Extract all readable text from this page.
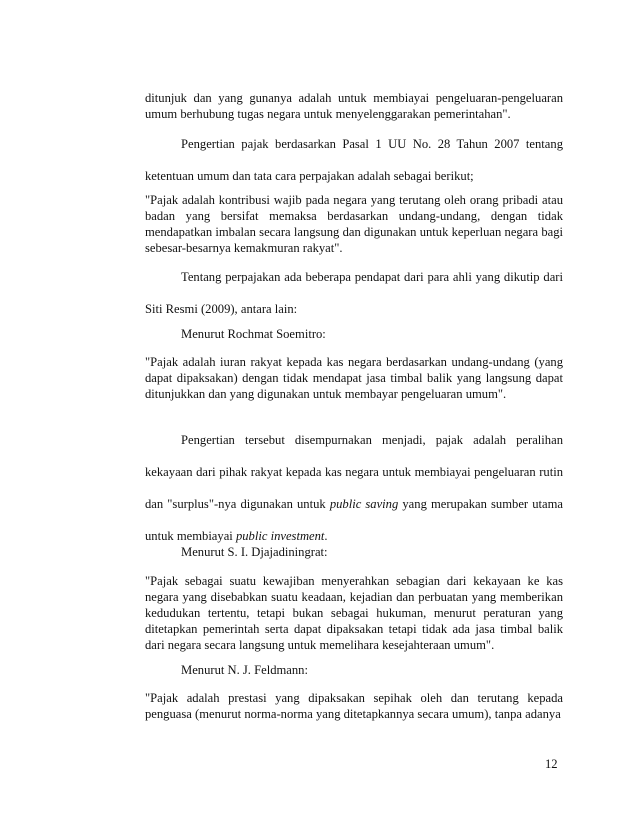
ditunjuk dan yang gunanya adalah untuk membiayai pengeluaran-pengeluaran umum berhubung tugas negara untuk menyelenggarakan pemerintahan".

Pengertian pajak berdasarkan Pasal 1 UU No. 28 Tahun 2007 tentang ketentuan umum dan tata cara perpajakan adalah sebagai berikut;

"Pajak adalah kontribusi wajib pada negara yang terutang oleh orang pribadi atau badan yang bersifat memaksa berdasarkan undang-undang, dengan tidak mendapatkan imbalan secara langsung dan digunakan untuk keperluan negara bagi sebesar-besarnya kemakmuran rakyat".

Tentang perpajakan ada beberapa pendapat dari para ahli yang dikutip dari Siti Resmi (2009), antara lain:

Menurut Rochmat Soemitro:

"Pajak adalah iuran rakyat kepada kas negara berdasarkan undang-undang (yang dapat dipaksakan) dengan tidak mendapat jasa timbal balik yang langsung dapat ditunjukkan dan yang digunakan untuk membayar pengeluaran umum".

Pengertian tersebut disempurnakan menjadi, pajak adalah peralihan kekayaan dari pihak rakyat kepada kas negara untuk membiayai pengeluaran rutin dan "surplus"-nya digunakan untuk public saving yang merupakan sumber utama untuk membiayai public investment.

Menurut S. I. Djajadiningrat:

"Pajak sebagai suatu kewajiban menyerahkan sebagian dari kekayaan ke kas negara yang disebabkan suatu keadaan, kejadian dan perbuatan yang memberikan kedudukan tertentu, tetapi bukan sebagai hukuman, menurut peraturan yang ditetapkan pemerintah serta dapat dipaksakan tetapi tidak ada jasa timbal balik dari negara secara langsung untuk memelihara kesejahteraan umum".

Menurut N. J. Feldmann:

"Pajak adalah prestasi yang dipaksakan sepihak oleh dan terutang kepada penguasa (menurut norma-norma yang ditetapkannya secara umum), tanpa adanya

12
